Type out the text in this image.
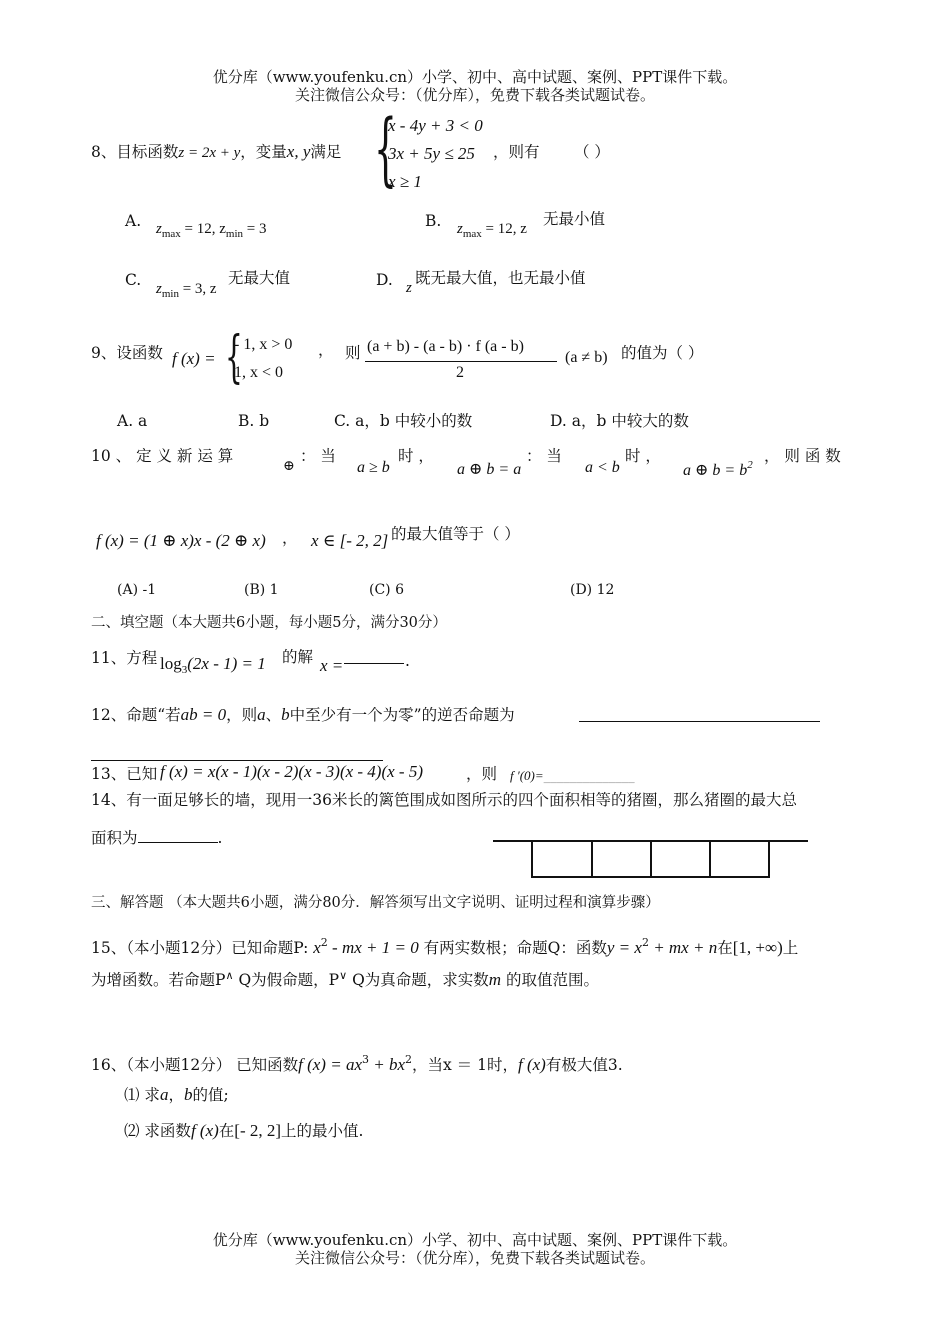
优分库（www.youfenku.cn）小学、初中、高中试题、案例、PPT课件下载。
关注微信公众号：（优分库），免费下载各类试题试卷。
8、目标函数z = 2x + y，变量x, y满足 {
x - 4y + 3 < 0
3x + 5y ≤ 25
x ≥ 1
，则有 （ ）
A. $z_{max} = 12$, $z_{min} = 3$	B. $z_{max} = 12$, z
无最小值
C. $z_{min} = 3$, z
无最大值	D. z
既无最大值，也无最小值
9、设函数 f (x) = {
- 1, x > 0
1, x < 0
， 则 (a + b) - (a - b) · f (a - b)
2
(a ≠ b) 的值为（ ）
A. a	B. b	C. a，b 中较小的数	D. a，b 中较大的数
10 、 定 义 新 运 算
⊕
： 当
a ≥ b
时 ，
a ⊕ b = a
： 当
a < b
时 ，
a ⊕ $b = b^2$ ， 则 函 数
f (x) = (1 ⊕ x)x - (2 ⊕ x) ， x ∈ [- 2, 2] 的最大值等于（ ）
(A) -1	(B) 1	(C) 6	(D) 12
二、填空题（本大题共6小题，每小题5分，满分30分）
11、方程 $\log_3(2x - 1) = 1$ 的解 x =	.
12、命题“若ab = 0，则a、b中至少有一个为零”的逆否命题为
13、已知 f (x) = x(x - 1)(x - 2)(x - 3)(x - 4)(x - 5)	，则 f ′(0)=______________
14、有一面足够长的墙，现用一36米长的篱笆围成如图所示的四个面积相等的猪圈，那么猪圈的最大总
面积为	.
三、解答题 （本大题共6小题，满分80分．解答须写出文字说明、证明过程和演算步骤）
15、（本小题12分）已知命题P: $x^2$ - mx + 1 = 0 有两实数根；命题Q：函数$y = x^2$ + mx + n在[1, +∞)上
为增函数。若命题P∧ Q为假命题，P∨ Q为真命题，求实数m 的取值范围。
16、（本小题12分） 已知函数f $(x) = ax^3 + bx^2$，当x ＝ 1时，f (x)有极大值3.
⑴ 求a，b的值;
⑵ 求函数f (x)在[- 2, 2]上的最小值.
优分库（www.youfenku.cn）小学、初中、高中试题、案例、PPT课件下载。
关注微信公众号：（优分库），免费下载各类试题试卷。
